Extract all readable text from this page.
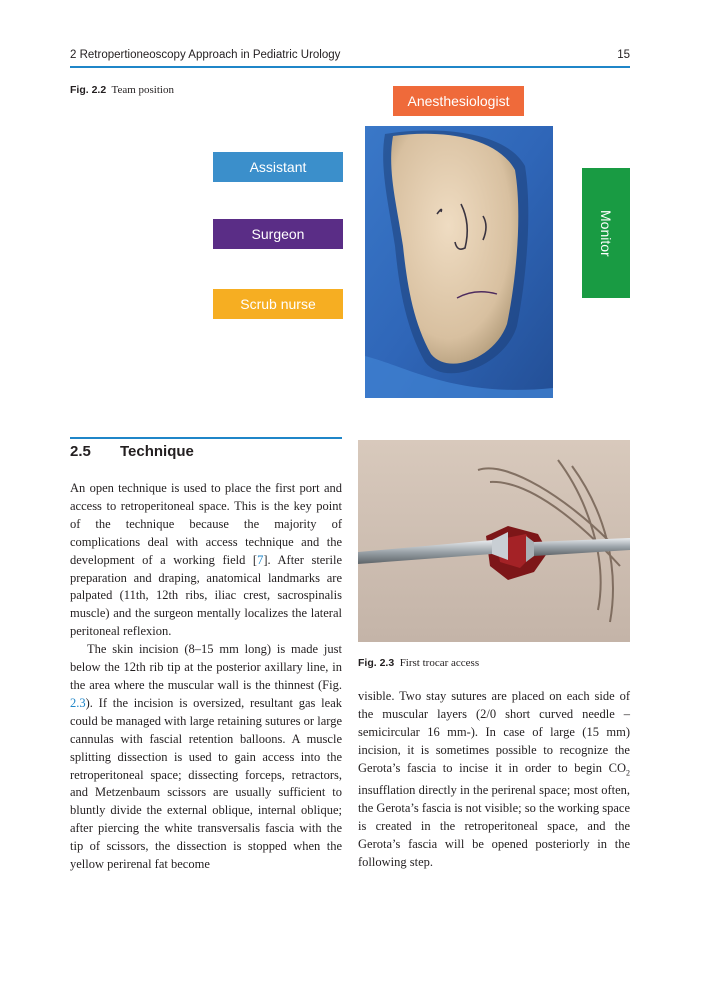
2 Retropertioneoscopy Approach in Pediatric Urology	15
Fig. 2.2 Team position
Anesthesiologist
Assistant
Surgeon
Scrub nurse
Monitor
2.5 Technique
Fig. 2.3 First trocar access

An open technique is used to place the first port and access to retroperitoneal space. This is the key point of the technique because the majority of complications deal with access technique and the development of a working field [7]. After sterile preparation and draping, anatomical landmarks are palpated (11th, 12th ribs, iliac crest, sacrospinalis muscle) and the surgeon mentally localizes the lateral peritoneal reflexion.

The skin incision (8–15 mm long) is made just below the 12th rib tip at the posterior axillary line, in the area where the muscular wall is the thinnest (Fig. 2.3). If the incision is oversized, resultant gas leak could be managed with large retaining sutures or large cannulas with fascial retention balloons. A muscle splitting dissection is used to gain access into the retroperitoneal space; dissecting forceps, retractors, and Metzenbaum scissors are usually sufficient to bluntly divide the external oblique, internal oblique; after piercing the white transversalis fascia with the tip of scissors, the dissection is stopped when the yellow perirenal fat become

visible. Two stay sutures are placed on each side of the muscular layers (2/0 short curved needle – semicircular 16 mm-). In case of large (15 mm) incision, it is sometimes possible to recognize the Gerota’s fascia to incise it in order to begin $CO_2$ insufflation directly in the perirenal space; most often, the Gerota’s fascia is not visible; so the working space is created in the retroperitoneal space, and the Gerota’s fascia will be opened posteriorly in the following step.
